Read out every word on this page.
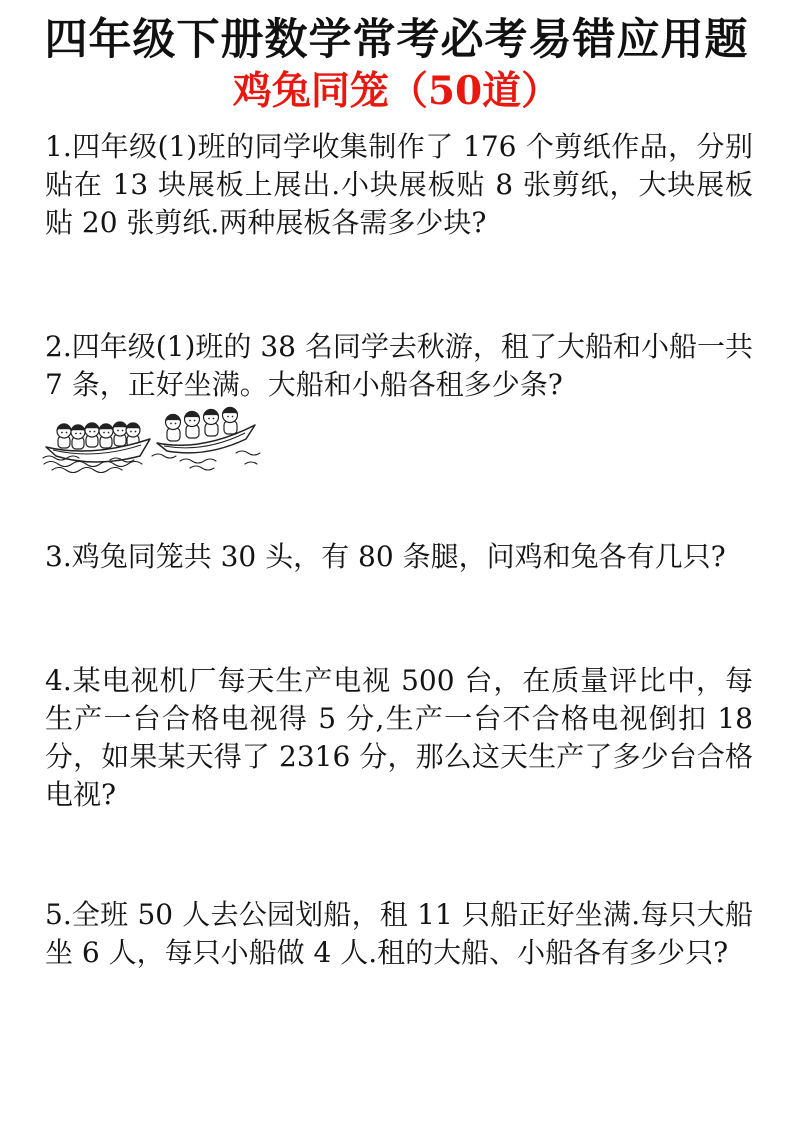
四年级下册数学常考必考易错应用题
鸡兔同笼（50道）

1.四年级(1)班的同学收集制作了 176 个剪纸作品，分别贴在 13 块展板上展出.小块展板贴 8 张剪纸，大块展板贴 20 张剪纸.两种展板各需多少块?

2.四年级(1)班的 38 名同学去秋游，租了大船和小船一共 7 条，正好坐满。大船和小船各租多少条?

3.鸡兔同笼共 30 头，有 80 条腿，问鸡和兔各有几只?

4.某电视机厂每天生产电视 500 台，在质量评比中，每生产一台合格电视得 5 分,生产一台不合格电视倒扣 18 分，如果某天得了 2316 分，那么这天生产了多少台合格电视?

5.全班 50 人去公园划船，租 11 只船正好坐满.每只大船坐 6 人，每只小船做 4 人.租的大船、小船各有多少只?
